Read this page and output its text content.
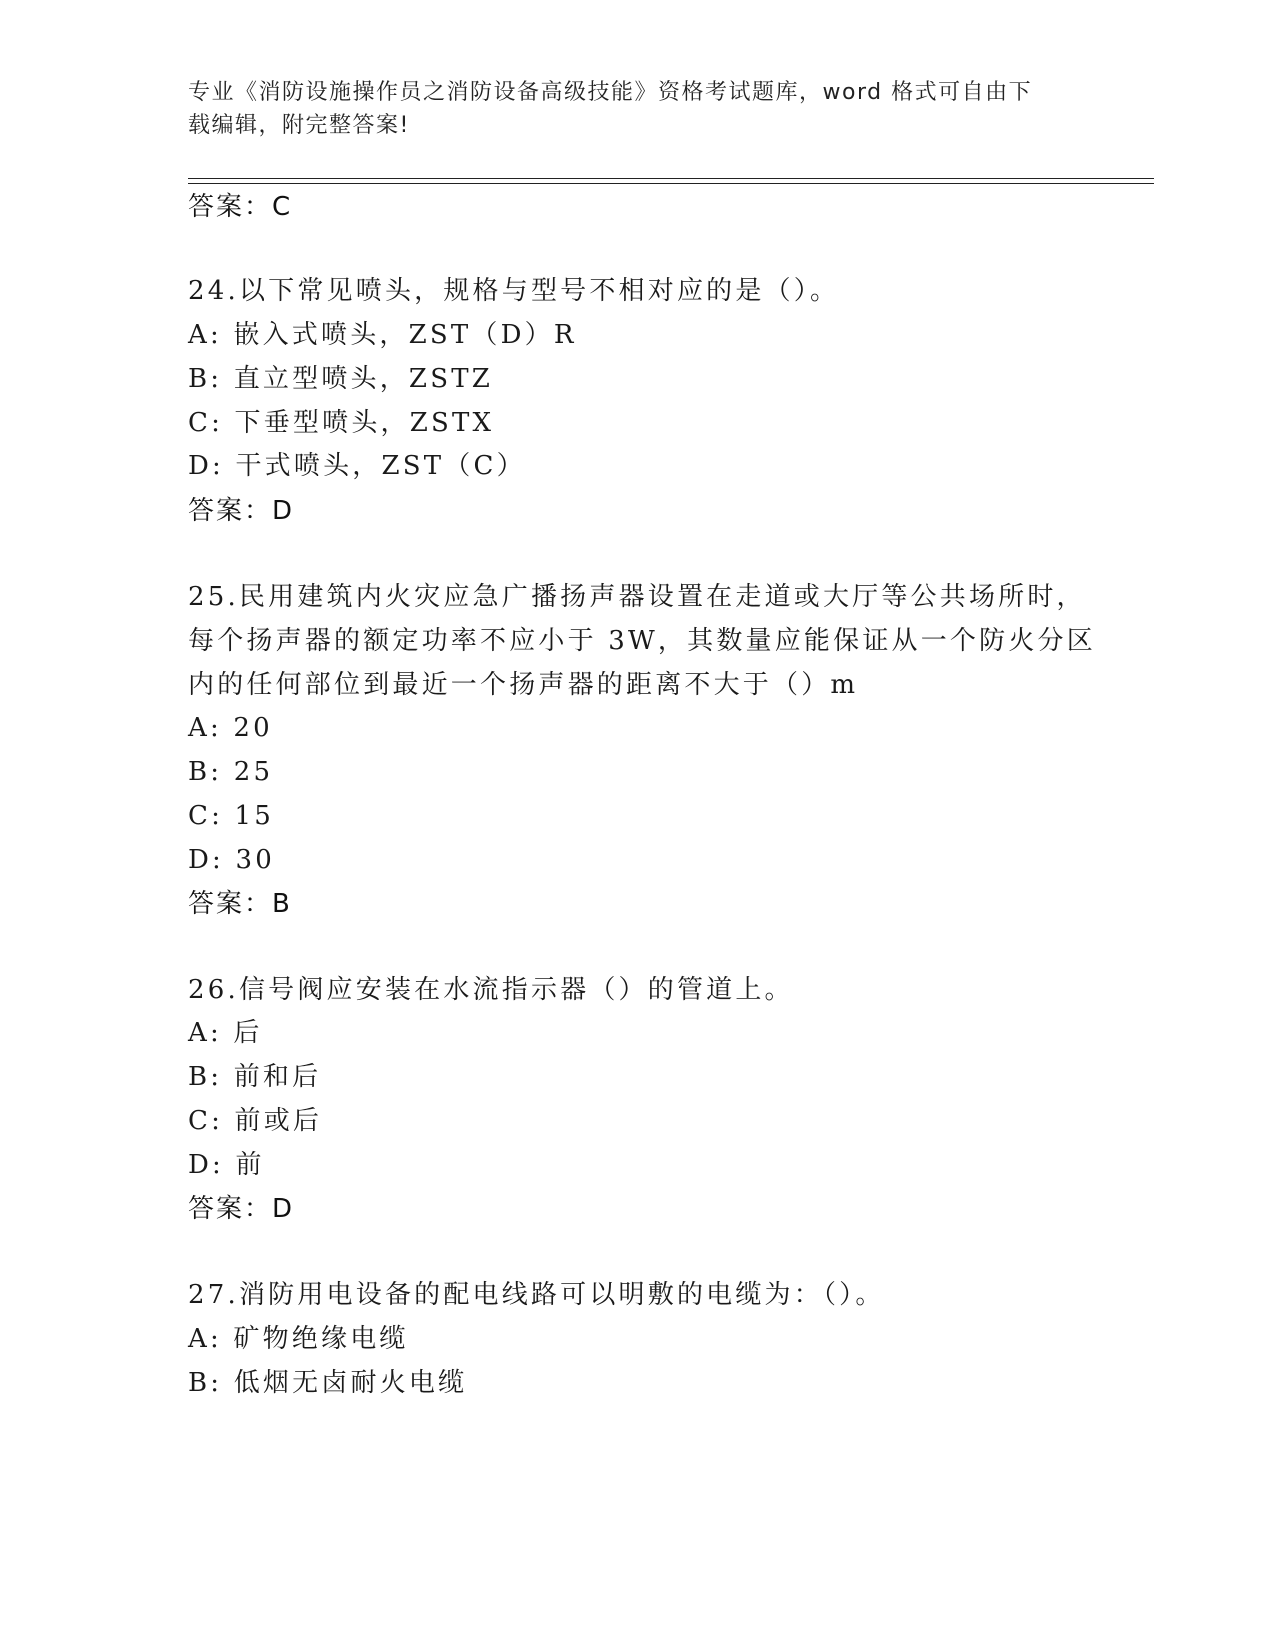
专业《消防设施操作员之消防设备高级技能》资格考试题库，word 格式可自由下
载编辑，附完整答案!
答案：C
24.以下常见喷头，规格与型号不相对应的是（）。
A: 嵌入式喷头，ZST（D）R
B: 直立型喷头，ZSTZ
C: 下垂型喷头，ZSTX
D: 干式喷头，ZST（C）
答案：D
25.民用建筑内火灾应急广播扬声器设置在走道或大厅等公共场所时，
每个扬声器的额定功率不应小于 3W，其数量应能保证从一个防火分区
内的任何部位到最近一个扬声器的距离不大于（）m
A: 20
B: 25
C: 15
D: 30
答案：B
26.信号阀应安装在水流指示器（）的管道上。
A: 后
B: 前和后
C: 前或后
D: 前
答案：D
27.消防用电设备的配电线路可以明敷的电缆为：（）。
A: 矿物绝缘电缆
B: 低烟无卤耐火电缆
